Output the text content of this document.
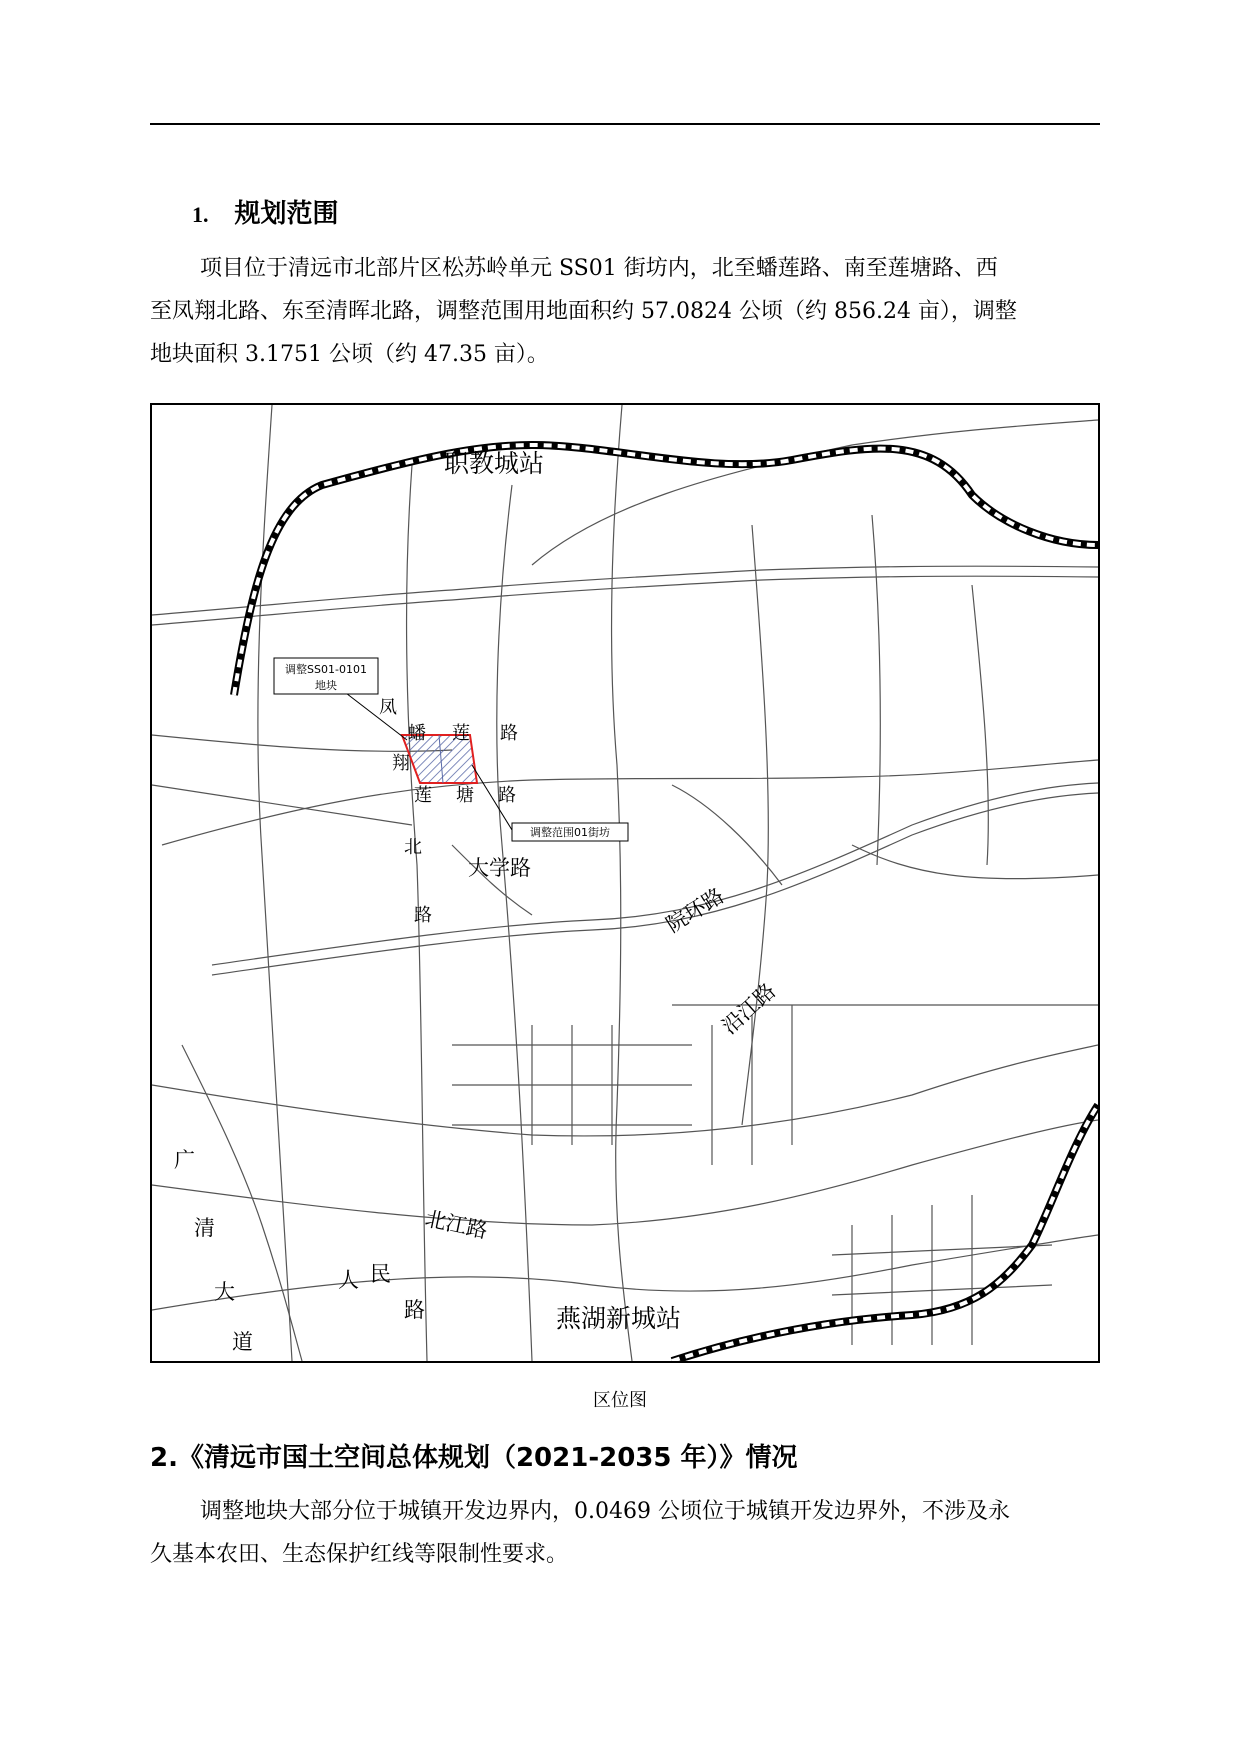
1. 规划范围

项目位于清远市北部片区松苏岭单元 SS01 街坊内，北至蟠莲路、南至莲塘路、西

至凤翔北路、东至清晖北路，调整范围用地面积约 57.0824 公顷（约 856.24 亩），调整

地块面积 3.1751 公顷（约 47.35 亩）。

调整SS01-0101
地块
调整范围01街坊
职教城站
燕湖新城站
凤
翔
北
路
蟠 莲 路
莲 塘 路
大学路
院环路
沿江路
北江路
人 民
路
广
清
大
道
区位图
2.《清远市国土空间总体规划（2021-2035 年）》情况

调整地块大部分位于城镇开发边界内，0.0469 公顷位于城镇开发边界外，不涉及永

久基本农田、生态保护红线等限制性要求。
